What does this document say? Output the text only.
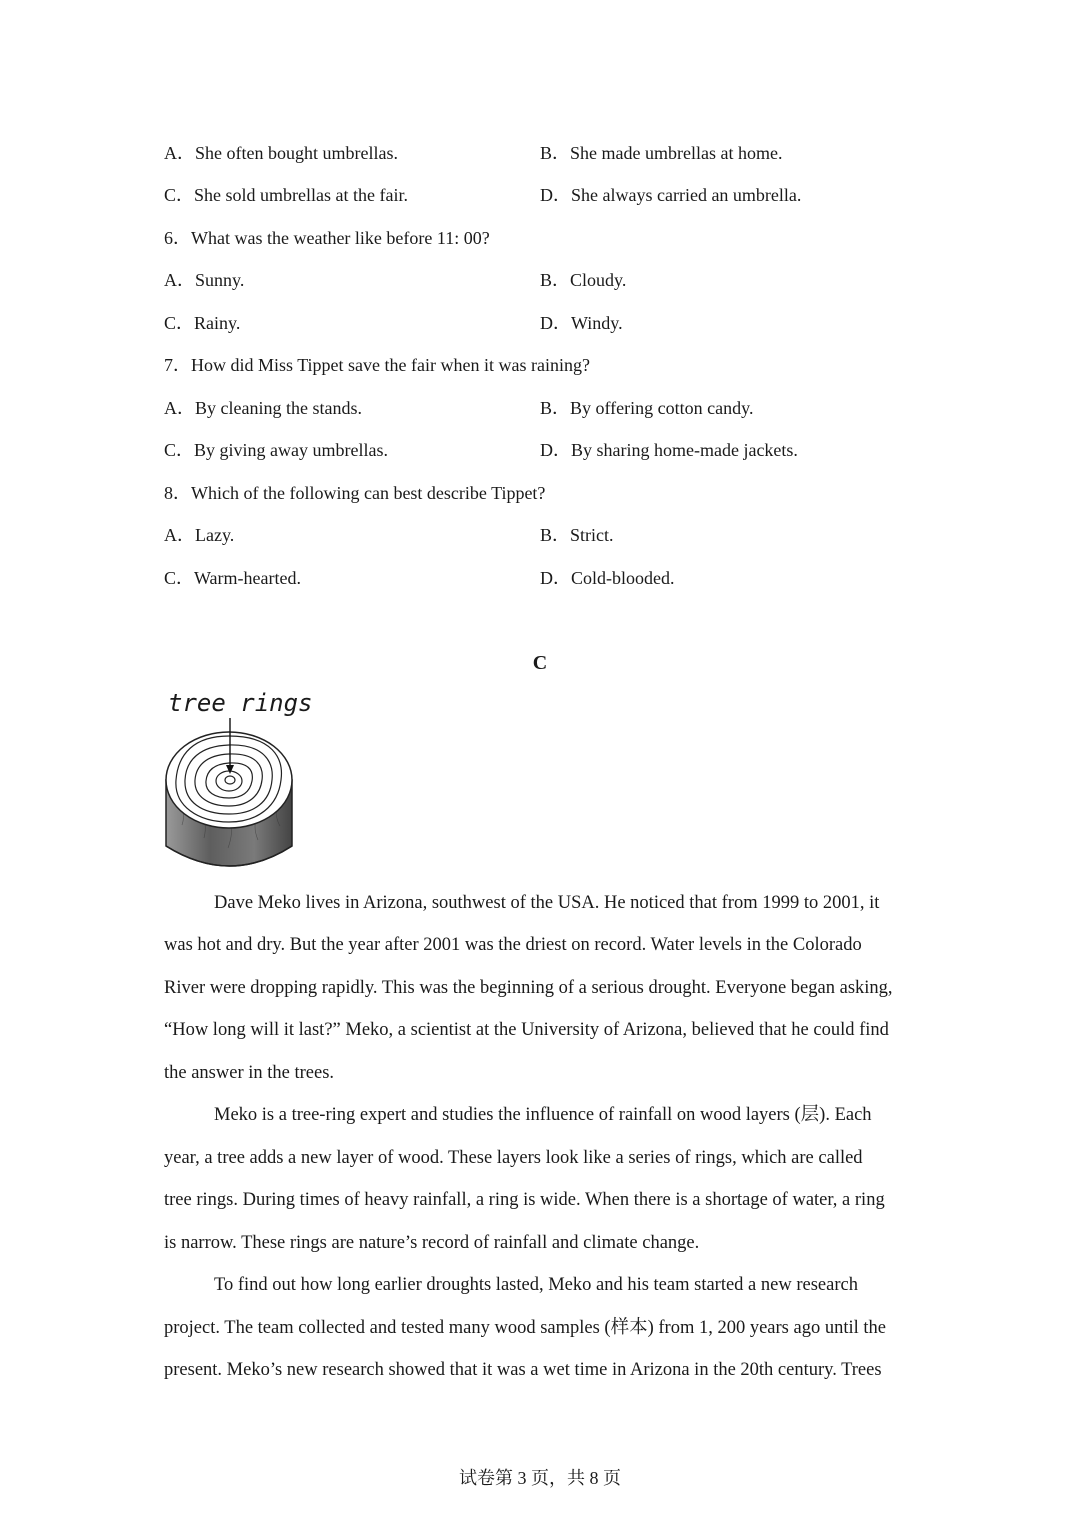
A．She often bought umbrellas.	B．She made umbrellas at home.
C．She sold umbrellas at the fair.	D．She always carried an umbrella.
6．What was the weather like before 11: 00?
A．Sunny.	B．Cloudy.
C．Rainy.	D．Windy.
7．How did Miss Tippet save the fair when it was raining?
A．By cleaning the stands.	B．By offering cotton candy.
C．By giving away umbrellas.	D．By sharing home-made jackets.
8．Which of the following can best describe Tippet?
A．Lazy.	B．Strict.
C．Warm-hearted.	D．Cold-blooded.
C
tree rings
Dave Meko lives in Arizona, southwest of the USA. He noticed that from 1999 to 2001, it
was hot and dry. But the year after 2001 was the driest on record. Water levels in the Colorado
River were dropping rapidly. This was the beginning of a serious drought. Everyone began asking,
“How long will it last?” Meko, a scientist at the University of Arizona, believed that he could find
the answer in the trees.
Meko is a tree-ring expert and studies the influence of rainfall on wood layers (层). Each
year, a tree adds a new layer of wood. These layers look like a series of rings, which are called
tree rings. During times of heavy rainfall, a ring is wide. When there is a shortage of water, a ring
is narrow. These rings are nature’s record of rainfall and climate change.
To find out how long earlier droughts lasted, Meko and his team started a new research
project. The team collected and tested many wood samples (样本) from 1, 200 years ago until the
present. Meko’s new research showed that it was a wet time in Arizona in the 20th century. Trees
试卷第 3 页，共 8 页
